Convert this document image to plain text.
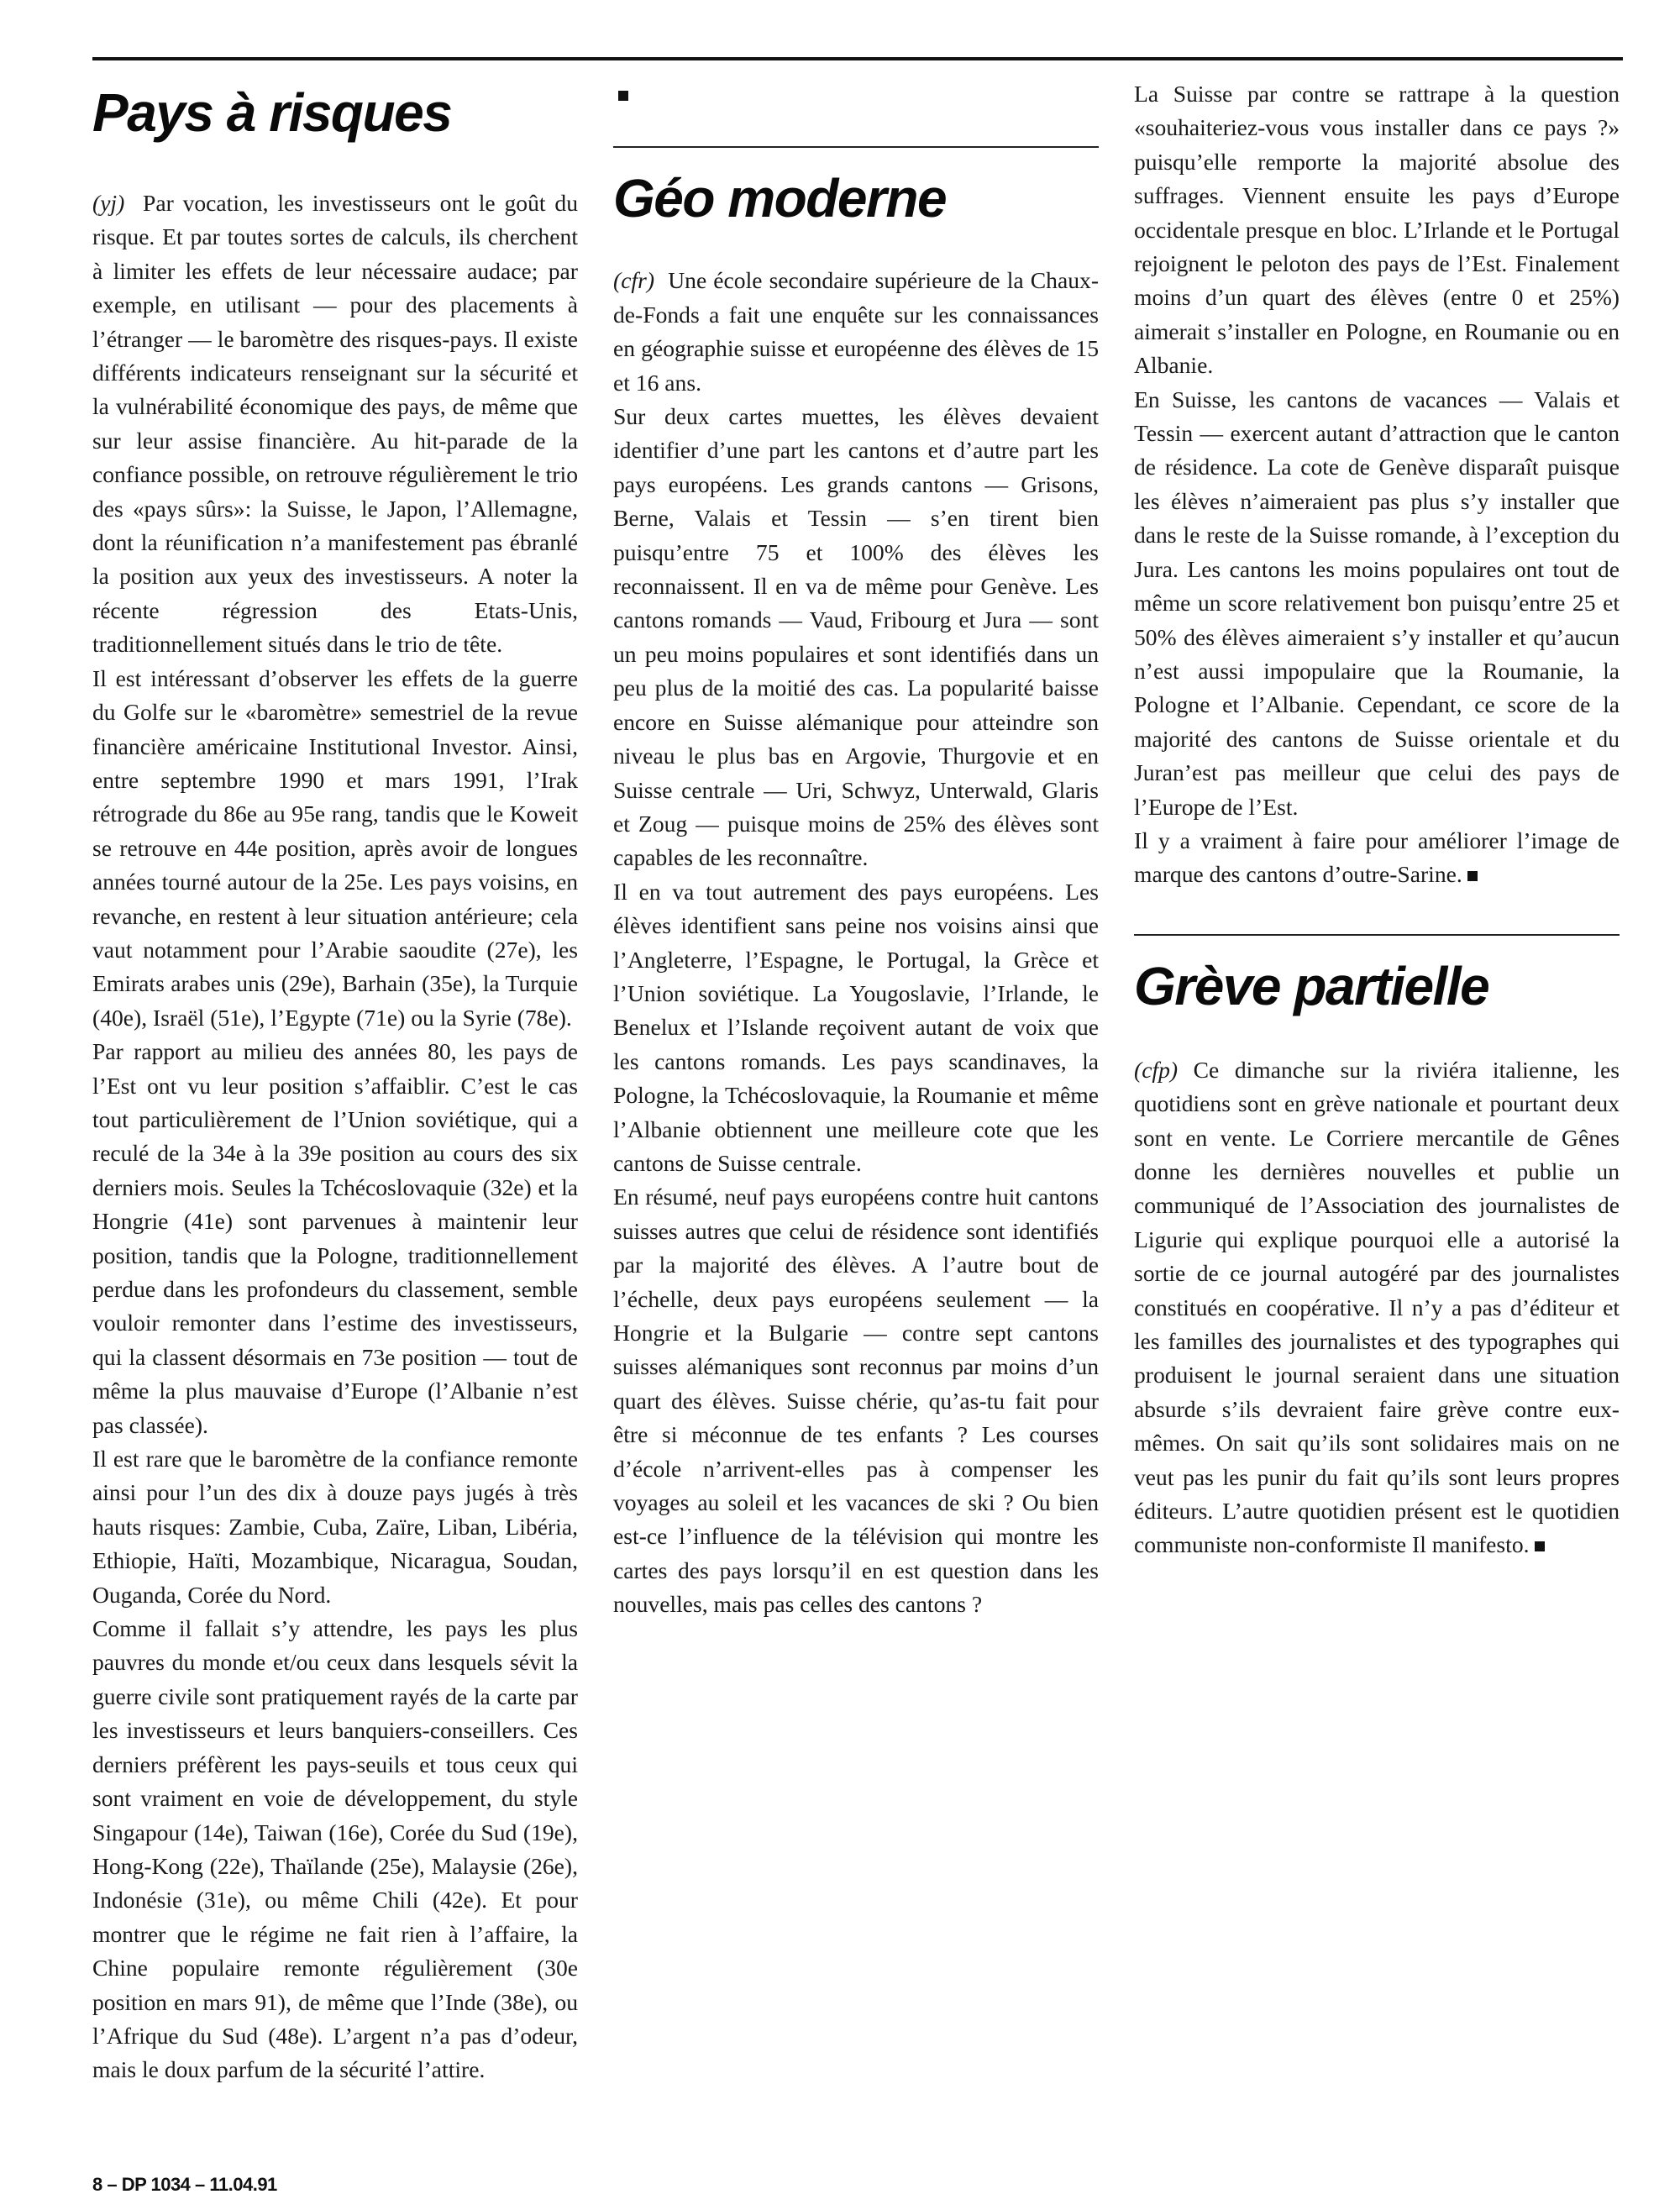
Pays à risques

(yj) Par vocation, les investisseurs ont le goût du risque. Et par toutes sortes de calculs, ils cherchent à limiter les effets de leur nécessaire audace; par exemple, en utilisant — pour des placements à l’étranger — le baromètre des risques-pays. Il existe différents indicateurs renseignant sur la sécurité et la vulnérabilité économique des pays, de même que sur leur assise financière. Au hit-parade de la confiance possible, on retrouve régulièrement le trio des «pays sûrs»: la Suisse, le Japon, l’Allemagne, dont la réunification n’a manifestement pas ébranlé la position aux yeux des investisseurs. A noter la récente régression des Etats-Unis, traditionnellement situés dans le trio de tête.

Il est intéressant d’observer les effets de la guerre du Golfe sur le «baromètre» semestriel de la revue financière américaine Institutional Investor. Ainsi, entre septembre 1990 et mars 1991, l’Irak rétrograde du 86e au 95e rang, tandis que le Koweit se retrouve en 44e position, après avoir de longues années tourné autour de la 25e. Les pays voisins, en revanche, en restent à leur situation antérieure; cela vaut notamment pour l’Arabie saoudite (27e), les Emirats arabes unis (29e), Barhain (35e), la Turquie (40e), Israël (51e), l’Egypte (71e) ou la Syrie (78e).

Par rapport au milieu des années 80, les pays de l’Est ont vu leur position s’affaiblir. C’est le cas tout particulièrement de l’Union soviétique, qui a reculé de la 34e à la 39e position au cours des six derniers mois. Seules la Tchécoslovaquie (32e) et la Hongrie (41e) sont parvenues à maintenir leur position, tandis que la Pologne, traditionnellement perdue dans les profondeurs du classement, semble vouloir remonter dans l’estime des investisseurs, qui la classent désormais en 73e position — tout de même la plus mauvaise d’Europe (l’Albanie n’est pas classée).

Il est rare que le baromètre de la confiance remonte ainsi pour l’un des dix à douze pays jugés à très hauts risques: Zambie, Cuba, Zaïre, Liban, Libéria, Ethiopie, Haïti, Mozambique, Nicaragua, Soudan, Ouganda, Corée du Nord.

Comme il fallait s’y attendre, les pays les plus pauvres du monde et/ou ceux dans lesquels sévit la guerre civile sont pratiquement rayés de la carte par les investisseurs et leurs banquiers-conseillers. Ces derniers préfèrent les pays-seuils et tous ceux qui sont vraiment en voie de développement, du style Singapour (14e), Taiwan (16e), Corée du Sud (19e), Hong-Kong (22e), Thaïlande (25e), Malaysie (26e), Indonésie (31e), ou même Chili (42e). Et pour montrer que le régime ne fait rien à l’affaire, la Chine populaire remonte régulièrement (30e position en mars 91), de même que l’Inde (38e), ou l’Afrique du Sud (48e). L’argent n’a pas d’odeur, mais le doux parfum de la sécurité l’attire.

Géo moderne

(cfr) Une école secondaire supérieure de la Chaux-de-Fonds a fait une enquête sur les connaissances en géographie suisse et européenne des élèves de 15 et 16 ans.

Sur deux cartes muettes, les élèves devaient identifier d’une part les cantons et d’autre part les pays européens. Les grands cantons — Grisons, Berne, Valais et Tessin — s’en tirent bien puisqu’entre 75 et 100% des élèves les reconnaissent. Il en va de même pour Genève. Les cantons romands — Vaud, Fribourg et Jura — sont un peu moins populaires et sont identifiés dans un peu plus de la moitié des cas. La popularité baisse encore en Suisse alémanique pour atteindre son niveau le plus bas en Argovie, Thurgovie et en Suisse centrale — Uri, Schwyz, Unterwald, Glaris et Zoug — puisque moins de 25% des élèves sont capables de les reconnaître.

Il en va tout autrement des pays européens. Les élèves identifient sans peine nos voisins ainsi que l’Angleterre, l’Espagne, le Portugal, la Grèce et l’Union soviétique. La Yougoslavie, l’Irlande, le Benelux et l’Islande reçoivent autant de voix que les cantons romands. Les pays scandinaves, la Pologne, la Tchécoslovaquie, la Roumanie et même l’Albanie obtiennent une meilleure cote que les cantons de Suisse centrale.

En résumé, neuf pays européens contre huit cantons suisses autres que celui de résidence sont identifiés par la majorité des élèves. A l’autre bout de l’échelle, deux pays européens seulement — la Hongrie et la Bulgarie — contre sept cantons suisses alémaniques sont reconnus par moins d’un quart des élèves. Suisse chérie, qu’as-tu fait pour être si méconnue de tes enfants ? Les courses d’école n’arrivent-elles pas à compenser les voyages au soleil et les vacances de ski ? Ou bien est-ce l’influence de la télévision qui montre les cartes des pays lorsqu’il en est question dans les nouvelles, mais pas celles des cantons ?

La Suisse par contre se rattrape à la question «souhaiteriez-vous vous installer dans ce pays ?» puisqu’elle remporte la majorité absolue des suffrages. Viennent ensuite les pays d’Europe occidentale presque en bloc. L’Irlande et le Portugal rejoignent le peloton des pays de l’Est. Finalement moins d’un quart des élèves (entre 0 et 25%) aimerait s’installer en Pologne, en Roumanie ou en Albanie.

En Suisse, les cantons de vacances — Valais et Tessin — exercent autant d’attraction que le canton de résidence. La cote de Genève disparaît puisque les élèves n’aimeraient pas plus s’y installer que dans le reste de la Suisse romande, à l’exception du Jura. Les cantons les moins populaires ont tout de même un score relativement bon puisqu’entre 25 et 50% des élèves aimeraient s’y installer et qu’aucun n’est aussi impopulaire que la Roumanie, la Pologne et l’Albanie. Cependant, ce score de la majorité des cantons de Suisse orientale et du Juran’est pas meilleur que celui des pays de l’Europe de l’Est.

Il y a vraiment à faire pour améliorer l’image de marque des cantons d’outre-Sarine.

Grève partielle

(cfp) Ce dimanche sur la riviéra italienne, les quotidiens sont en grève nationale et pourtant deux sont en vente. Le Corriere mercantile de Gênes donne les dernières nouvelles et publie un communiqué de l’Association des journalistes de Ligurie qui explique pourquoi elle a autorisé la sortie de ce journal autogéré par des journalistes constitués en coopérative. Il n’y a pas d’éditeur et les familles des journalistes et des typographes qui produisent le journal seraient dans une situation absurde s’ils devraient faire grève contre eux-mêmes. On sait qu’ils sont solidaires mais on ne veut pas les punir du fait qu’ils sont leurs propres éditeurs. L’autre quotidien présent est le quotidien communiste non-conformiste Il manifesto.

8 – DP 1034 – 11.04.91
